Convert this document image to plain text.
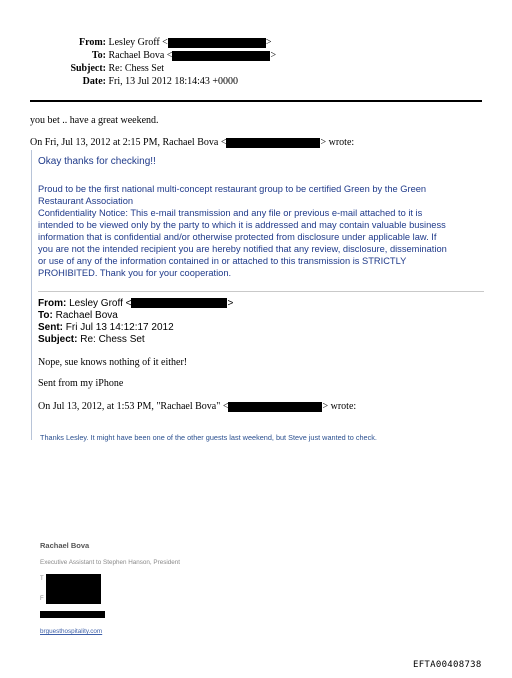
From: Lesley Groff <	>
To: Rachael Bova <	>
Subject: Re: Chess Set
Date: Fri, 13 Jul 2012 18:14:43 +0000
you bet .. have a great weekend.
On Fri, Jul 13, 2012 at 2:15 PM, Rachael Bova <	> wrote:
Okay thanks for checking!!
Proud to be the first national multi-concept restaurant group to be certified Green by the Green
Restaurant Association
Confidentiality Notice: This e-mail transmission and any file or previous e-mail attached to it is
intended to be viewed only by the party to which it is addressed and may contain valuable business
information that is confidential and/or otherwise protected from disclosure under applicable law. If
you are not the intended recipient you are hereby notified that any review, disclosure, dissemination
or use of any of the information contained in or attached to this transmission is STRICTLY
PROHIBITED. Thank you for your cooperation.
From: Lesley Groff <	>
To: Rachael Bova
Sent: Fri Jul 13 14:12:17 2012
Subject: Re: Chess Set
Nope, sue knows nothing of it either!
Sent from my iPhone
On Jul 13, 2012, at 1:53 PM, "Rachael Bova" <	> wrote:
Thanks Lesley. It might have been one of the other guests last weekend, but Steve just wanted to check.
Rachael Bova
Executive Assistant to Stephen Hanson, President
T
F
brguesthospitality.com
EFTA00408738
